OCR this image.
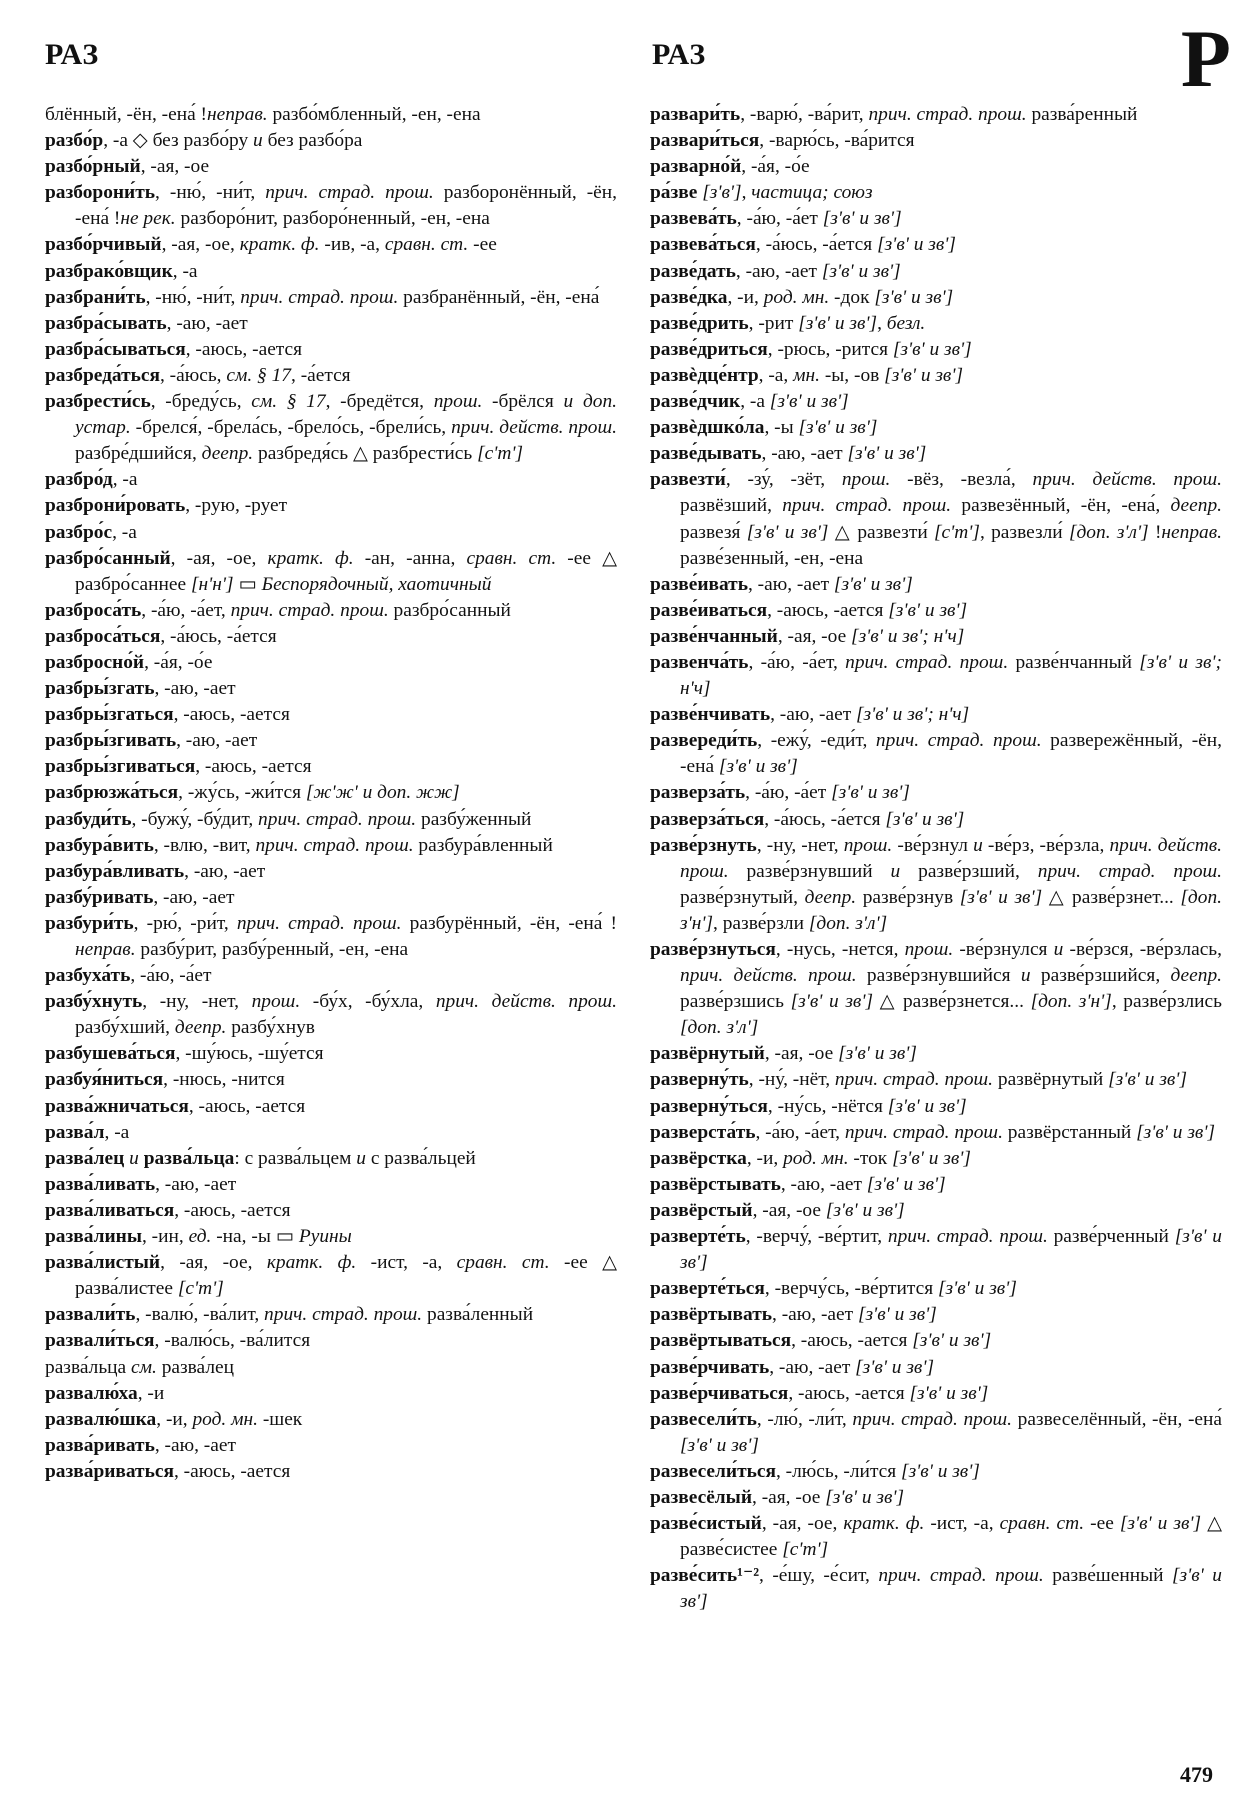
РАЗ	РАЗ	Р
блённый, -ён, -ена́ !неправ. разбо́мбленный, -ен, -ена
разбо́р, -а ◇ без разбо́ру и без разбо́ра
разбо́рный, -ая, -ое
разборони́ть, -ню́, -ни́т, прич. страд. прош. разборонённый, -ён, -ена́ !не рек. разборо́нит, разборо́ненный, -ен, -ена
разбо́рчивый, -ая, -ое, кратк. ф. -ив, -а, сравн. ст. -ее
разбрако́вщик, -а
разбрани́ть, -ню́, -ни́т, прич. страд. прош. разбранённый, -ён, -ена́
разбра́сывать, -аю, -ает
разбра́сываться, -аюсь, -ается
разбреда́ться, -а́юсь, см. § 17, -а́ется
разбрести́сь, -бреду́сь, см. § 17, -бредётся, прош. -брёлся и доп. устар. -брелся́, -брела́сь, -брело́сь, -брели́сь, прич. действ. прош. разбре́дшийся, деепр. разбредя́сь △ разбрести́сь [с'т']
разбро́д, -а
разброни́ровать, -рую, -рует
разбро́с, -а
разбро́санный, -ая, -ое, кратк. ф. -ан, -анна, сравн. ст. -ее △ разбро́саннее [н'н'] ▭ Беспорядочный, хаотичный
разброса́ть, -а́ю, -а́ет, прич. страд. прош. разбро́санный
разброса́ться, -а́юсь, -а́ется
разбросно́й, -а́я, -о́е
разбры́згать, -аю, -ает
разбры́згаться, -аюсь, -ается
разбры́згивать, -аю, -ает
разбры́згиваться, -аюсь, -ается
разбрюзжа́ться, -жу́сь, -жи́тся [ж'ж' и доп. жж]
разбуди́ть, -бужу́, -бу́дит, прич. страд. прош. разбу́женный
разбура́вить, -влю, -вит, прич. страд. прош. разбура́вленный
разбура́вливать, -аю, -ает
разбу́ривать, -аю, -ает
разбури́ть, -рю́, -ри́т, прич. страд. прош. разбурённый, -ён, -ена́ !неправ. разбу́рит, разбу́ренный, -ен, -ена
разбуха́ть, -а́ю, -а́ет
разбу́хнуть, -ну, -нет, прош. -бу́х, -бу́хла, прич. действ. прош. разбу́хший, деепр. разбу́хнув
разбушева́ться, -шу́юсь, -шу́ется
разбуя́ниться, -нюсь, -нится
разва́жничаться, -аюсь, -ается
разва́л, -а
разва́лец и разва́льца: с разва́льцем и с разва́льцей
разва́ливать, -аю, -ает
разва́ливаться, -аюсь, -ается
разва́лины, -ин, ед. -на, -ы ▭ Руины
разва́листый, -ая, -ое, кратк. ф. -ист, -а, сравн. ст. -ее △ разва́листее [с'т']
развали́ть, -валю́, -ва́лит, прич. страд. прош. разва́ленный
развали́ться, -валю́сь, -ва́лится
разва́льца см. разва́лец
развалю́ха, -и
развалю́шка, -и, род. мн. -шек
разва́ривать, -аю, -ает
разва́риваться, -аюсь, -ается
развари́ть, -варю́, -ва́рит, прич. страд. прош. разва́ренный
развари́ться, -варю́сь, -ва́рится
разварно́й, -а́я, -о́е
ра́зве [з'в'], частица; союз
развева́ть, -а́ю, -а́ет [з'в' и зв']
развева́ться, -а́юсь, -а́ется [з'в' и зв']
разве́дать, -аю, -ает [з'в' и зв']
разве́дка, -и, род. мн. -док [з'в' и зв']
разве́дрить, -рит [з'в' и зв'], безл.
разве́дриться, -рюсь, -рится [з'в' и зв']
развѐдце́нтр, -а, мн. -ы, -ов [з'в' и зв']
разве́дчик, -а [з'в' и зв']
развѐдшко́ла, -ы [з'в' и зв']
разве́дывать, -аю, -ает [з'в' и зв']
развезти́, -зу́, -зёт, прош. -вёз, -везла́, прич. действ. прош. развёзший, прич. страд. прош. развезённый, -ён, -ена́, деепр. развезя́ [з'в' и зв'] △ развезти́ [с'т'], развезли́ [доп. з'л'] !неправ. разве́зенный, -ен, -ена
разве́ивать, -аю, -ает [з'в' и зв']
разве́иваться, -аюсь, -ается [з'в' и зв']
разве́нчанный, -ая, -ое [з'в' и зв'; н'ч]
развенча́ть, -а́ю, -а́ет, прич. страд. прош. разве́нчанный [з'в' и зв'; н'ч]
разве́нчивать, -аю, -ает [з'в' и зв'; н'ч]
развереди́ть, -ежу́, -еди́т, прич. страд. прош. развережённый, -ён, -ена́ [з'в' и зв']
разверза́ть, -а́ю, -а́ет [з'в' и зв']
разверза́ться, -а́юсь, -а́ется [з'в' и зв']
разве́рзнуть, -ну, -нет, прош. -ве́рзнул и -ве́рз, -ве́рзла, прич. действ. прош. разве́рзнувший и разве́рзший, прич. страд. прош. разве́рзнутый, деепр. разве́рзнув [з'в' и зв'] △ разве́рзнет... [доп. з'н'], разве́рзли [доп. з'л']
разве́рзнуться, -нусь, -нется, прош. -ве́рзнулся и -ве́рзся, -ве́рзлась, прич. действ. прош. разве́рзнувшийся и разве́рзшийся, деепр. разве́рзшись [з'в' и зв'] △ разве́рзнется... [доп. з'н'], разве́рзлись [доп. з'л']
развёрнутый, -ая, -ое [з'в' и зв']
разверну́ть, -ну́, -нёт, прич. страд. прош. развёрнутый [з'в' и зв']
разверну́ться, -ну́сь, -нётся [з'в' и зв']
разверста́ть, -а́ю, -а́ет, прич. страд. прош. развёрстанный [з'в' и зв']
развёрстка, -и, род. мн. -ток [з'в' и зв']
развёрстывать, -аю, -ает [з'в' и зв']
развёрстый, -ая, -ое [з'в' и зв']
разверте́ть, -верчу́, -ве́ртит, прич. страд. прош. разве́рченный [з'в' и зв']
разверте́ться, -верчу́сь, -ве́ртится [з'в' и зв']
развёртывать, -аю, -ает [з'в' и зв']
развёртываться, -аюсь, -ается [з'в' и зв']
разве́рчивать, -аю, -ает [з'в' и зв']
разве́рчиваться, -аюсь, -ается [з'в' и зв']
развесели́ть, -лю́, -ли́т, прич. страд. прош. развеселённый, -ён, -ена́ [з'в' и зв']
развесели́ться, -лю́сь, -ли́тся [з'в' и зв']
развесёлый, -ая, -ое [з'в' и зв']
разве́систый, -ая, -ое, кратк. ф. -ист, -а, сравн. ст. -ее [з'в' и зв'] △ разве́систее [с'т']
разве́сить¹⁻², -е́шу, -е́сит, прич. страд. прош. разве́шенный [з'в' и зв']
479
